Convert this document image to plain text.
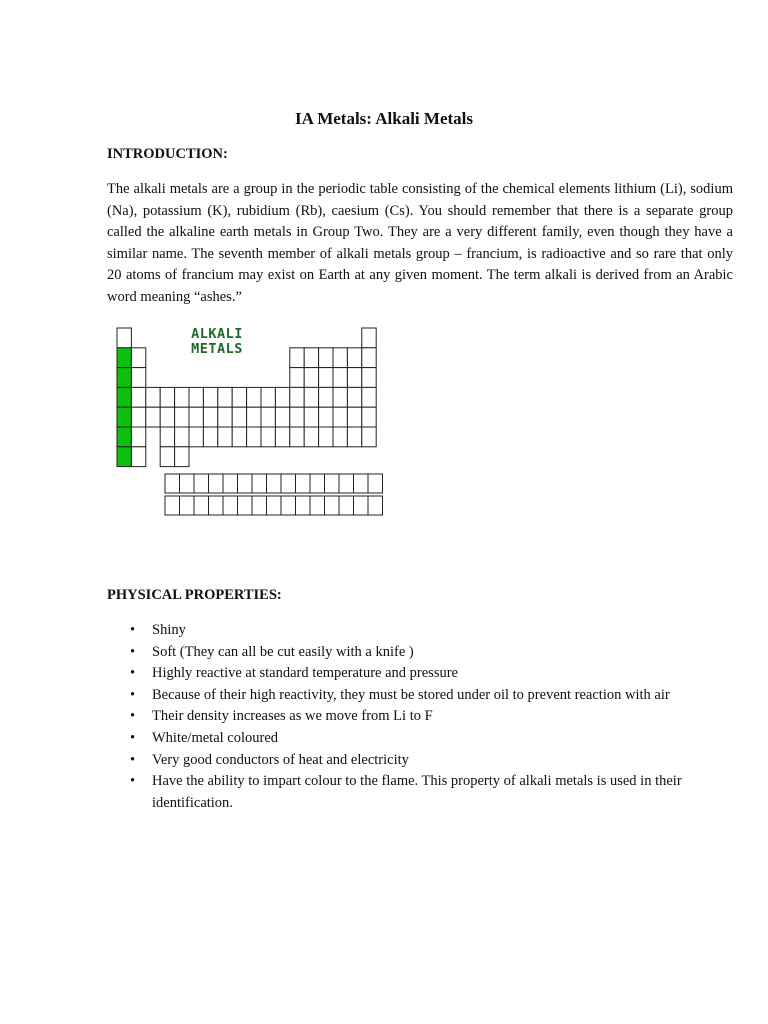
IA Metals: Alkali Metals
INTRODUCTION:
The alkali metals are a group in the periodic table consisting of the chemical elements lithium (Li), sodium (Na), potassium (K), rubidium (Rb), caesium (Cs). You should remember that there is a separate group called the alkaline earth metals in Group Two. They are a very different family, even though they have a similar name. The seventh member of alkali metals group – francium, is radioactive and so rare that only 20 atoms of francium may exist on Earth at any given moment. The term alkali is derived from an Arabic word meaning “ashes.”
ALKALI
METALS
PHYSICAL PROPERTIES:
• Shiny
• Soft (They can all be cut easily with a knife )
• Highly reactive at standard temperature and pressure
• Because of their high reactivity, they must be stored under oil to prevent reaction with air
• Their density increases as we move from Li to F
• White/metal coloured
• Very good conductors of heat and electricity
• Have the ability to impart colour to the flame. This property of alkali metals is used in their identification.
